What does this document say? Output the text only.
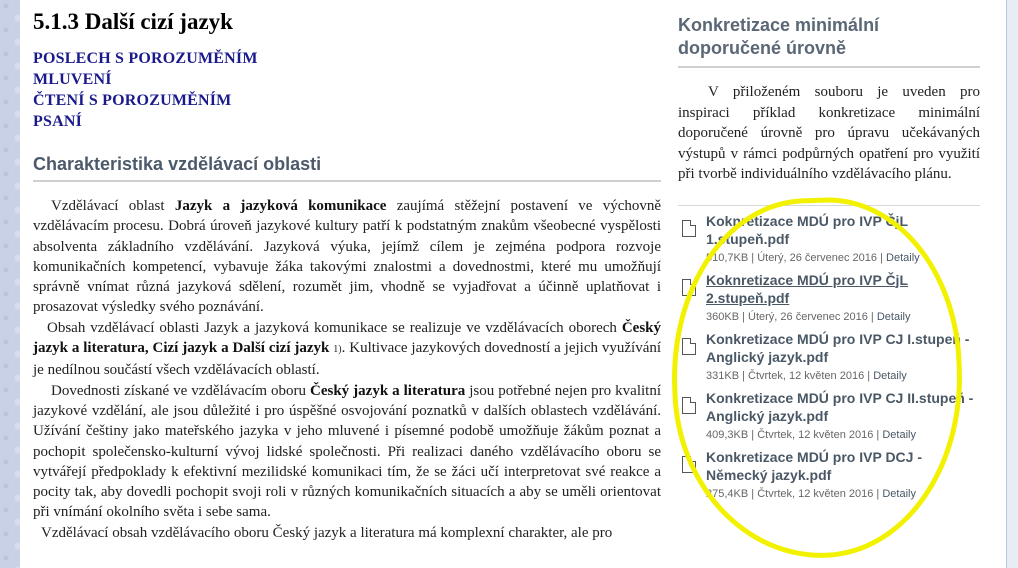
5.1.3 Další cizí jazyk
POSLECH S POROZUMĚNÍM
MLUVENÍ
ČTENÍ S POROZUMĚNÍM
PSANÍ
Charakteristika vzdělávací oblasti

Vzdělávací oblast Jazyk a jazyková komunikace zaujímá stěžejní postavení ve výchovně vzdělávacím procesu. Dobrá úroveň jazykové kultury patří k podstatným znakům všeobecné vyspělosti absolventa základního vzdělávání. Jazyková výuka, jejímž cílem je zejména podpora rozvoje komunikačních kompetencí, vybavuje žáka takovými znalostmi a dovednostmi, které mu umožňují správně vnímat různá jazyková sdělení, rozumět jim, vhodně se vyjadřovat a účinně uplatňovat i prosazovat výsledky svého poznávání.

Obsah vzdělávací oblasti Jazyk a jazyková komunikace se realizuje ve vzdělávacích oborech Český jazyk a literatura, Cizí jazyk a Další cizí jazyk 1). Kultivace jazykových dovedností a jejich využívání je nedílnou součástí všech vzdělávacích oblastí.

Dovednosti získané ve vzdělávacím oboru Český jazyk a literatura jsou potřebné nejen pro kvalitní jazykové vzdělání, ale jsou důležité i pro úspěšné osvojování poznatků v dalších oblastech vzdělávání. Užívání češtiny jako mateřského jazyka v jeho mluvené i písemné podobě umožňuje žákům poznat a pochopit společensko-kulturní vývoj lidské společnosti. Při realizaci daného vzdělávacího oboru se vytvářejí předpoklady k efektivní mezilidské komunikaci tím, že se žáci učí interpretovat své reakce a pocity tak, aby dovedli pochopit svoji roli v různých komunikačních situacích a aby se uměli orientovat při vnímání okolního světa i sebe sama.

Vzdělávací obsah vzdělávacího oboru Český jazyk a literatura má komplexní charakter, ale pro

Konkretizace minimální doporučené úrovně
V přiloženém souboru je uveden pro inspiraci příklad konkretizace minimální doporučené úrovně pro úpravu učekávaných výstupů v rámci podpůrných opatření pro využití při tvorbě individuálního vzdělávacího plánu.
Koknretizace MDÚ pro IVP ČjL 1.stupeň.pdf
510,7KB | Úterý, 26 červenec 2016 | Detaily
Koknretizace MDÚ pro IVP ČjL 2.stupeň.pdf
360KB | Úterý, 26 červenec 2016 | Detaily
Konkretizace MDÚ pro IVP CJ I.stupeň - Anglický jazyk.pdf
331KB | Čtvrtek, 12 květen 2016 | Detaily
Konkretizace MDÚ pro IVP CJ II.stupeň - Anglický jazyk.pdf
409,3KB | Čtvrtek, 12 květen 2016 | Detaily
Konkretizace MDÚ pro IVP DCJ - Německý jazyk.pdf
275,4KB | Čtvrtek, 12 květen 2016 | Detaily
